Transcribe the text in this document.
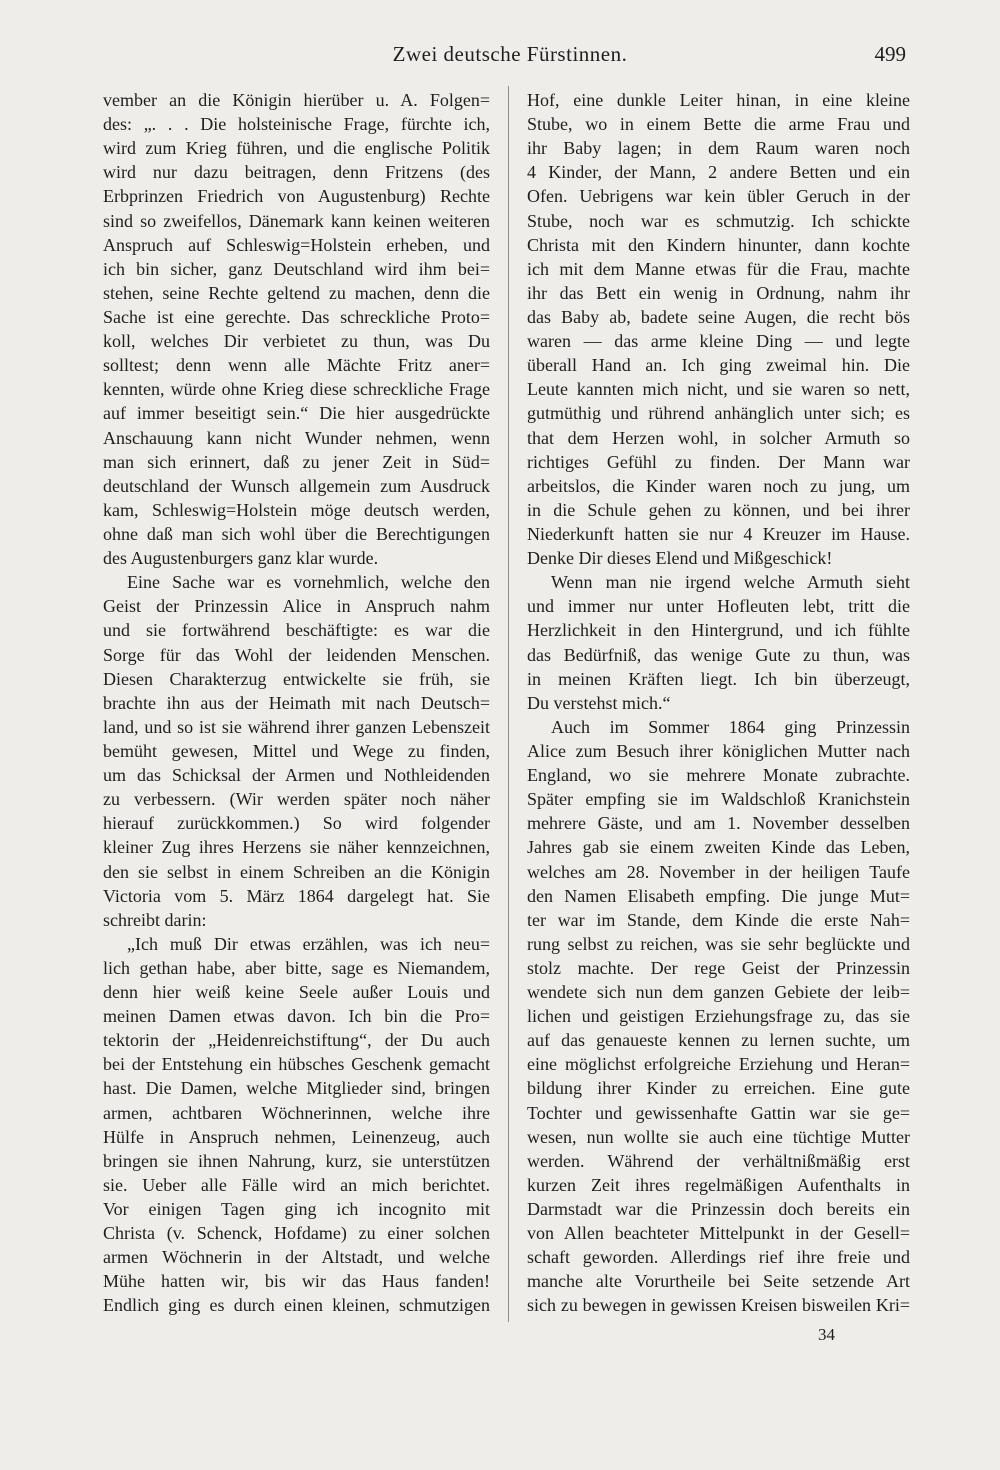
Zwei deutsche Fürstinnen.	499
vember an die Königin hierüber u. A. Folgen=
des: „. . . Die holsteinische Frage, fürchte ich,
wird zum Krieg führen, und die englische Politik
wird nur dazu beitragen, denn Fritzens (des
Erbprinzen Friedrich von Augustenburg) Rechte
sind so zweifellos, Dänemark kann keinen weiteren
Anspruch auf Schleswig=Holstein erheben, und
ich bin sicher, ganz Deutschland wird ihm bei=
stehen, seine Rechte geltend zu machen, denn die
Sache ist eine gerechte. Das schreckliche Proto=
koll, welches Dir verbietet zu thun, was Du
solltest; denn wenn alle Mächte Fritz aner=
kennten, würde ohne Krieg diese schreckliche Frage
auf immer beseitigt sein.“ Die hier ausgedrückte
Anschauung kann nicht Wunder nehmen, wenn
man sich erinnert, daß zu jener Zeit in Süd=
deutschland der Wunsch allgemein zum Ausdruck
kam, Schleswig=Holstein möge deutsch werden,
ohne daß man sich wohl über die Berechtigungen
des Augustenburgers ganz klar wurde.
Eine Sache war es vornehmlich, welche den
Geist der Prinzessin Alice in Anspruch nahm
und sie fortwährend beschäftigte: es war die
Sorge für das Wohl der leidenden Menschen.
Diesen Charakterzug entwickelte sie früh, sie
brachte ihn aus der Heimath mit nach Deutsch=
land, und so ist sie während ihrer ganzen Lebenszeit
bemüht gewesen, Mittel und Wege zu finden,
um das Schicksal der Armen und Nothleidenden
zu verbessern. (Wir werden später noch näher
hierauf zurückkommen.) So wird folgender
kleiner Zug ihres Herzens sie näher kennzeichnen,
den sie selbst in einem Schreiben an die Königin
Victoria vom 5. März 1864 dargelegt hat. Sie
schreibt darin:
„Ich muß Dir etwas erzählen, was ich neu=
lich gethan habe, aber bitte, sage es Niemandem,
denn hier weiß keine Seele außer Louis und
meinen Damen etwas davon. Ich bin die Pro=
tektorin der „Heidenreichstiftung“, der Du auch
bei der Entstehung ein hübsches Geschenk gemacht
hast. Die Damen, welche Mitglieder sind, bringen
armen, achtbaren Wöchnerinnen, welche ihre
Hülfe in Anspruch nehmen, Leinenzeug, auch
bringen sie ihnen Nahrung, kurz, sie unterstützen
sie. Ueber alle Fälle wird an mich berichtet.
Vor einigen Tagen ging ich incognito mit
Christa (v. Schenck, Hofdame) zu einer solchen
armen Wöchnerin in der Altstadt, und welche
Mühe hatten wir, bis wir das Haus fanden!
Endlich ging es durch einen kleinen, schmutzigen
Hof, eine dunkle Leiter hinan, in eine kleine
Stube, wo in einem Bette die arme Frau und
ihr Baby lagen; in dem Raum waren noch
4 Kinder, der Mann, 2 andere Betten und ein
Ofen. Uebrigens war kein übler Geruch in der
Stube, noch war es schmutzig. Ich schickte
Christa mit den Kindern hinunter, dann kochte
ich mit dem Manne etwas für die Frau, machte
ihr das Bett ein wenig in Ordnung, nahm ihr
das Baby ab, badete seine Augen, die recht bös
waren — das arme kleine Ding — und legte
überall Hand an. Ich ging zweimal hin. Die
Leute kannten mich nicht, und sie waren so nett,
gutmüthig und rührend anhänglich unter sich; es
that dem Herzen wohl, in solcher Armuth so
richtiges Gefühl zu finden. Der Mann war
arbeitslos, die Kinder waren noch zu jung, um
in die Schule gehen zu können, und bei ihrer
Niederkunft hatten sie nur 4 Kreuzer im Hause.
Denke Dir dieses Elend und Mißgeschick!
Wenn man nie irgend welche Armuth sieht
und immer nur unter Hofleuten lebt, tritt die
Herzlichkeit in den Hintergrund, und ich fühlte
das Bedürfniß, das wenige Gute zu thun, was
in meinen Kräften liegt. Ich bin überzeugt,
Du verstehst mich.“
Auch im Sommer 1864 ging Prinzessin
Alice zum Besuch ihrer königlichen Mutter nach
England, wo sie mehrere Monate zubrachte.
Später empfing sie im Waldschloß Kranichstein
mehrere Gäste, und am 1. November desselben
Jahres gab sie einem zweiten Kinde das Leben,
welches am 28. November in der heiligen Taufe
den Namen Elisabeth empfing. Die junge Mut=
ter war im Stande, dem Kinde die erste Nah=
rung selbst zu reichen, was sie sehr beglückte und
stolz machte. Der rege Geist der Prinzessin
wendete sich nun dem ganzen Gebiete der leib=
lichen und geistigen Erziehungsfrage zu, das sie
auf das genaueste kennen zu lernen suchte, um
eine möglichst erfolgreiche Erziehung und Heran=
bildung ihrer Kinder zu erreichen. Eine gute
Tochter und gewissenhafte Gattin war sie ge=
wesen, nun wollte sie auch eine tüchtige Mutter
werden. Während der verhältnißmäßig erst
kurzen Zeit ihres regelmäßigen Aufenthalts in
Darmstadt war die Prinzessin doch bereits ein
von Allen beachteter Mittelpunkt in der Gesell=
schaft geworden. Allerdings rief ihre freie und
manche alte Vorurtheile bei Seite setzende Art
sich zu bewegen in gewissen Kreisen bisweilen Kri=
34
